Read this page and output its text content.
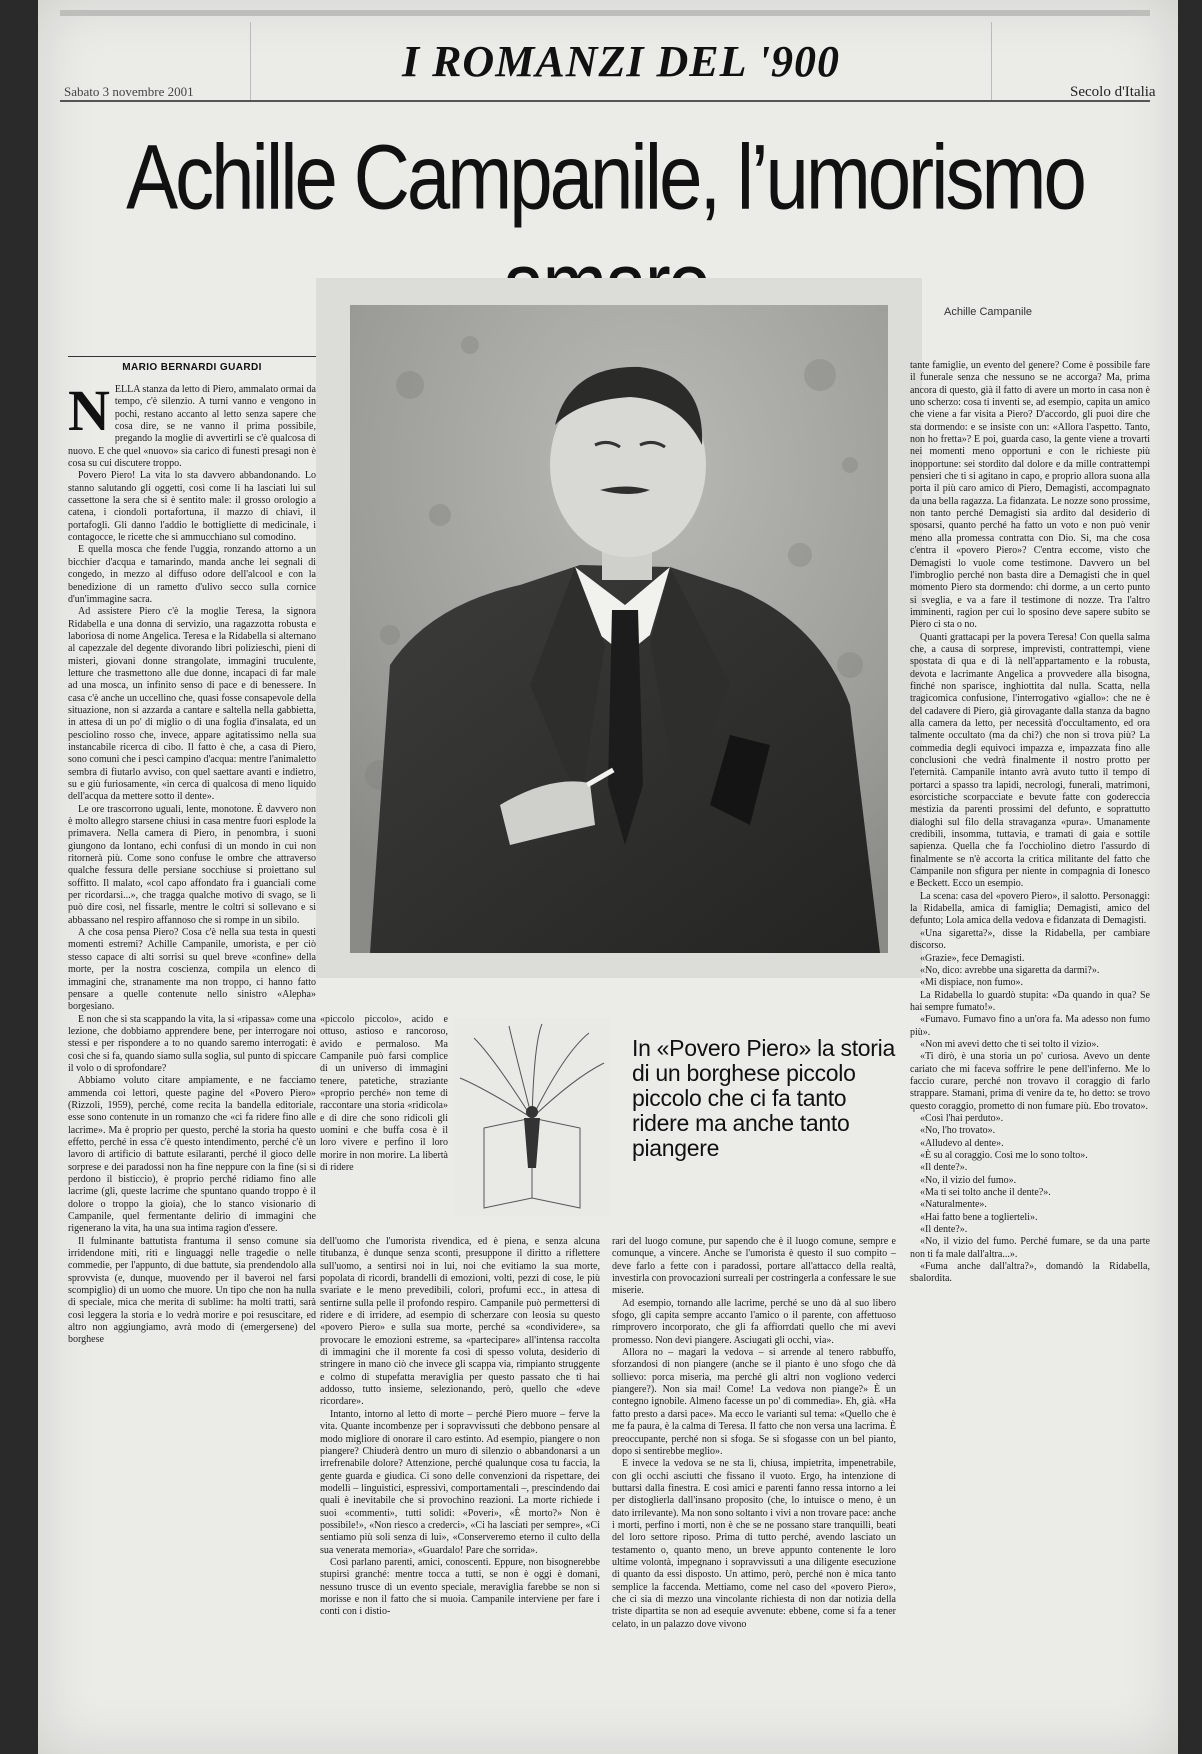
I ROMANZI DEL '900
Sabato 3 novembre 2001	Secolo d'Italia
Achille Campanile, l’umorismo
Achille Campanile
MARIO BERNARDI GUARDI

NELLA stanza da letto di Piero, ammalato ormai da tempo, c'è silenzio. A turni vanno e vengono in pochi, restano accanto al letto senza sapere che cosa dire, se ne vanno il prima possibile, pregando la moglie di avvertirli se c'è qualcosa di nuovo. E che quel «nuovo» sia carico di funesti presagi non è cosa su cui discutere troppo.

Povero Piero! La vita lo sta davvero abbandonando. Lo stanno salutando gli oggetti, così come li ha lasciati lui sul cassettone la sera che si è sentito male: il grosso orologio a catena, i ciondoli portafortuna, il mazzo di chiavi, il portafogli. Gli danno l'addio le bottigliette di medicinale, i contagocce, le ricette che si ammucchiano sul comodino.

E quella mosca che fende l'uggia, ronzando attorno a un bicchier d'acqua e tamarindo, manda anche lei segnali di congedo, in mezzo al diffuso odore dell'alcool e con la benedizione di un rametto d'ulivo secco sulla cornice d'un'immagine sacra.

Ad assistere Piero c'è la moglie Teresa, la signora Ridabella e una donna di servizio, una ragazzotta robusta e laboriosa di nome Angelica. Teresa e la Ridabella si alternano al capezzale del degente divorando libri polizieschi, pieni di misteri, giovani donne strangolate, immagini truculente, letture che trasmettono alle due donne, incapaci di far male ad una mosca, un infinito senso di pace e di benessere. In casa c'è anche un uccellino che, quasi fosse consapevole della situazione, non si azzarda a cantare e saltella nella gabbietta, in attesa di un po' di miglio o di una foglia d'insalata, ed un pesciolino rosso che, invece, appare agitatissimo nella sua instancabile ricerca di cibo. Il fatto è che, a casa di Piero, sono comuni che i pesci campino d'acqua: mentre l'animaletto sembra di fiutarlo avviso, con quel saettare avanti e indietro, su e giù furiosamente, «in cerca di qualcosa di meno liquido dell'acqua da mettere sotto il dente».

Le ore trascorrono uguali, lente, monotone. È davvero non è molto allegro starsene chiusi in casa mentre fuori esplode la primavera. Nella camera di Piero, in penombra, i suoni giungono da lontano, echi confusi di un mondo in cui non ritornerà più. Come sono confuse le ombre che attraverso qualche fessura delle persiane socchiuse si proiettano sul soffitto. Il malato, «col capo affondato fra i guanciali come per ricordarsi...», che tragga qualche motivo di svago, se lì può dire così, nel fissarle, mentre le coltri si sollevano e si abbassano nel respiro affannoso che si rompe in un sibilo.

A che cosa pensa Piero? Cosa c'è nella sua testa in questi momenti estremi? Achille Campanile, umorista, e per ciò stesso capace di alti sorrisi su quel breve «confine» della morte, per la nostra coscienza, compila un elenco di immagini che, stranamente ma non troppo, ci hanno fatto pensare a quelle contenute nello sinistro «Alepha» borgesiano.

E non che si sta scappando la vita, la si «ripassa» come una lezione, che dobbiamo apprendere bene, per interrogare noi stessi e per rispondere a to no quando saremo interrogati: è così che si fa, quando siamo sulla soglia, sul punto di spiccare il volo o di sprofondare?

Abbiamo voluto citare ampiamente, e ne facciamo ammenda coi lettori, queste pagine del «Povero Piero» (Rizzoli, 1959), perché, come recita la bandella editoriale, esse sono contenute in un romanzo che «ci fa ridere fino alle lacrime». Ma è proprio per questo, perché la storia ha questo effetto, perché in essa c'è questo intendimento, perché c'è un lavoro di artificio di battute esilaranti, perché il gioco delle sorprese e dei paradossi non ha fine neppure con la fine (si si perdono il bisticcio), è proprio perché ridiamo fino alle lacrime (gli, queste lacrime che spuntano quando troppo è il dolore o troppo la gioia), che lo stanco visionario di Campanile, quel fermentante delirio di immagini che rigenerano la vita, ha una sua intima ragion d'essere.

Il fulminante battutista frantuma il senso comune sia irridendone miti, riti e linguaggi nelle tragedie o nelle commedie, per l'appunto, di due battute, sia prendendolo alla sprovvista (e, dunque, muovendo per il baveroi nel farsi scompiglio) di un uomo che muore. Un tipo che non ha nulla di speciale, mica che merita di sublime: ha molti tratti, sarà così leggera la storia e lo vedrà morire e poi resuscitare, ed altro non aggiungiamo, avrà modo di (emergersene) del borghese

«piccolo piccolo», acido e ottuso, astioso e rancoroso, avido e permaloso. Ma Campanile può farsi complice di un universo di immagini tenere, patetiche, straziante «proprio perché» non teme di raccontare una storia «ridicola» e di dire che sono ridicoli gli uomini e che buffa cosa è il loro vivere e perfino il loro morire in non morire. La libertà di ridere

In «Povero Piero» la storia di un borghese piccolo piccolo che ci fa tanto ridere ma anche tanto piangere

dell'uomo che l'umorista rivendica, ed è piena, e senza alcuna titubanza, è dunque senza sconti, presuppone il diritto a riflettere sull'uomo, a sentirsi noi in lui, noi che evitiamo la sua morte, popolata di ricordi, brandelli di emozioni, volti, pezzi di cose, le più svariate e le meno prevedibili, colori, profumi ecc., in attesa di sentirne sulla pelle il profondo respiro. Campanile può permettersi di ridere e di irridere, ad esempio di scherzare con leosia su questo «povero Piero» e sulla sua morte, perché sa «condividere», sa provocare le emozioni estreme, sa «partecipare» all'intensa raccolta di immagini che il morente fa così di spesso voluta, desiderio di stringere in mano ciò che invece gli scappa via, rimpianto struggente e colmo di stupefatta meraviglia per questo passato che ti hai addosso, tutto insieme, selezionando, però, quello che «deve ricordare».

Intanto, intorno al letto di morte – perché Piero muore – ferve la vita. Quante incombenze per i sopravvissuti che debbono pensare al modo migliore di onorare il caro estinto. Ad esempio, piangere o non piangere? Chiuderà dentro un muro di silenzio o abbandonarsi a un irrefrenabile dolore? Attenzione, perché qualunque cosa tu faccia, la gente guarda e giudica. Ci sono delle convenzioni da rispettare, dei modelli – linguistici, espressivi, comportamentali –, prescindendo dai quali è inevitabile che si provochino reazioni. La morte richiede i suoi «commenti», tutti solidi: «Poveri», «È morto?» Non è possibile!», «Non riesco a crederci», «Ci ha lasciati per sempre», «Ci sentiamo più soli senza di lui», «Conserveremo eterno il culto della sua venerata memoria», «Guardalo! Pare che sorrida».

Così parlano parenti, amici, conoscenti. Eppure, non bisognerebbe stupirsi granché: mentre tocca a tutti, se non è oggi è domani, nessuno trusce di un evento speciale, meraviglia farebbe se non si morisse e non il fatto che si muoia. Campanile interviene per fare i conti con i distio-

rari del luogo comune, pur sapendo che è il luogo comune, sempre e comunque, a vincere. Anche se l'umorista è questo il suo compito – deve farlo a fette con i paradossi, portare all'attacco della realtà, investirla con provocazioni surreali per costringerla a confessare le sue miserie.

Ad esempio, tornando alle lacrime, perché se uno dà al suo libero sfogo, gli capita sempre accanto l'amico o il parente, con affettuoso rimprovero incorporato, che gli fa affiorrdati quello che mi avevi promesso. Non devi piangere. Asciugati gli occhi, via».

Allora no – magari la vedova – si arrende al tenero rabbuffo, sforzandosi di non piangere (anche se il pianto è uno sfogo che dà sollievo: porca miseria, ma perché gli altri non vogliono vederci piangere?). Non sia mai! Come! La vedova non piange?» È un contegno ignobile. Almeno facesse un po' di commedia». Eh, già. «Ha fatto presto a darsi pace». Ma ecco le varianti sul tema: «Quello che è me fa paura, è la calma di Teresa. Il fatto che non versa una lacrima. È preoccupante, perché non si sfoga. Se si sfogasse con un bel pianto, dopo si sentirebbe meglio».

E invece la vedova se ne sta lì, chiusa, impietrita, impenetrabile, con gli occhi asciutti che fissano il vuoto. Ergo, ha intenzione di buttarsi dalla finestra. E così amici e parenti fanno ressa intorno a lei per distoglierla dall'insano proposito (che, lo intuisce o meno, è un dato irrilevante). Ma non sono soltanto i vivi a non trovare pace: anche i morti, perfino i morti, non è che se ne possano stare tranquilli, beati del loro settore riposo. Prima di tutto perché, avendo lasciato un testamento o, quanto meno, un breve appunto contenente le loro ultime volontà, impegnano i sopravvissuti a una diligente esecuzione di quanto da essi disposto. Un attimo, però, perché non è mica tanto semplice la faccenda. Mettiamo, come nel caso del «povero Piero», che ci sia di mezzo una vincolante richiesta di non dar notizia della triste dipartita se non ad esequie avvenute: ebbene, come si fa a tener celato, in un palazzo dove vivono

tante famiglie, un evento del genere? Come è possibile fare il funerale senza che nessuno se ne accorga? Ma, prima ancora di questo, già il fatto di avere un morto in casa non è uno scherzo: cosa ti inventi se, ad esempio, capita un amico che viene a far visita a Piero? D'accordo, gli puoi dire che sta dormendo: e se insiste con un: «Allora l'aspetto. Tanto, non ho fretta»? E poi, guarda caso, la gente viene a trovarti nei momenti meno opportuni e con le richieste più inopportune: sei stordito dal dolore e da mille contrattempi pensieri che ti si agitano in capo, e proprio allora suona alla porta il più caro amico di Piero, Demagisti, accompagnato da una bella ragazza. La fidanzata. Le nozze sono prossime, non tanto perché Demagisti sia ardito dal desiderio di sposarsi, quanto perché ha fatto un voto e non può venir meno alla promessa contratta con Dio. Si, ma che cosa c'entra il «povero Piero»? C'entra eccome, visto che Demagisti lo vuole come testimone. Davvero un bel l'imbroglio perché non basta dire a Demagisti che in quel momento Piero sta dormendo: chi dorme, a un certo punto si sveglia, e va a fare il testimone di nozze. Tra l'altro imminenti, ragion per cui lo sposino deve sapere subito se Piero ci sta o no.

Quanti grattacapi per la povera Teresa! Con quella salma che, a causa di sorprese, imprevisti, contrattempi, viene spostata di qua e di là nell'appartamento e la robusta, devota e lacrimante Angelica a provvedere alla bisogna, finché non sparisce, inghiottita dal nulla. Scatta, nella tragicomica confusione, l'interrogativo «giallo»: che ne è del cadavere di Piero, già girovagante dalla stanza da bagno alla camera da letto, per necessità d'occultamento, ed ora talmente occultato (ma da chi?) che non si trova più? La commedia degli equivoci impazza e, impazzata fino alle conclusioni che vedrà finalmente il nostro protto per l'eternità. Campanile intanto avrà avuto tutto il tempo di portarci a spasso tra lapidi, necrologi, funerali, matrimoni, esorcistiche scorpacciate e bevute fatte con godereccia mestizia da parenti prossimi del defunto, e soprattutto dialoghi sul filo della stravaganza «pura». Umanamente credibili, insomma, tuttavia, e tramati di gaia e sottile sapienza. Quella che fa l'occhiolino dietro l'assurdo di finalmente se n'è accorta la critica militante del fatto che Campanile non sfigura per niente in compagnia di Ionesco e Beckett. Ecco un esempio.

La scena: casa del «povero Piero», il salotto. Personaggi: la Ridabella, amica di famiglia; Demagisti, amico del defunto; Lola amica della vedova e fidanzata di Demagisti.

«Una sigaretta?», disse la Ridabella, per cambiare discorso.

«Grazie», fece Demagisti.

«No, dico: avrebbe una sigaretta da darmi?».

«Mi dispiace, non fumo».

La Ridabella lo guardò stupita: «Da quando in qua? Se hai sempre fumato!».

«Fumavo. Fumavo fino a un'ora fa. Ma adesso non fumo più».

«Non mi avevi detto che ti sei tolto il vizio».

«Ti dirò, è una storia un po' curiosa. Avevo un dente cariato che mi faceva soffrire le pene dell'inferno. Me lo faccio curare, perché non trovavo il coraggio di farlo strappare. Stamani, prima di venire da te, ho detto: se trovo questo coraggio, prometto di non fumare più. Ebo trovato».

«Così l'hai perduto».

«No, l'ho trovato».

«Alludevo al dente».

«È su al coraggio. Così me lo sono tolto».

«Il dente?».

«No, il vizio del fumo».

«Ma ti sei tolto anche il dente?».

«Naturalmente».

«Hai fatto bene a toglierteli».

«Il dente?».

«No, il vizio del fumo. Perché fumare, se da una parte non ti fa male dall'altra...».

«Fuma anche dall'altra?», domandò la Ridabella, sbalordita.
